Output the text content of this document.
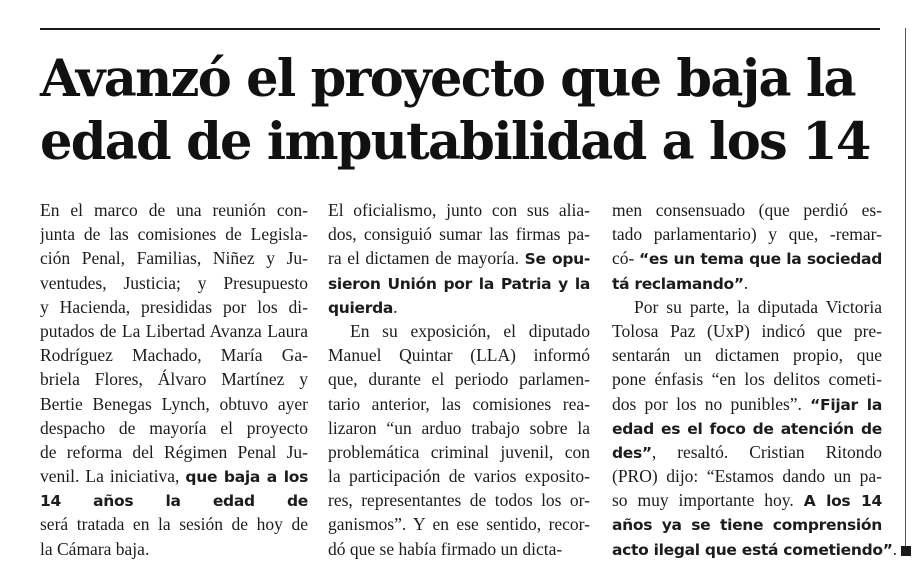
Avanzó el proyecto que baja la
edad de imputabilidad a los 14
En el marco de una reunión con-
junta de las comisiones de Legisla-
ción Penal, Familias, Niñez y Ju-
ventudes, Justicia; y Presupuesto
y Hacienda, presididas por los di-
putados de La Libertad Avanza Laura
Rodríguez Machado, María Ga-
briela Flores, Álvaro Martínez y
Bertie Benegas Lynch, obtuvo ayer
despacho de mayoría el proyecto
de reforma del Régimen Penal Ju-
venil. La iniciativa, que baja a los
14 años la edad de
será tratada en la sesión de hoy de
la Cámara baja.
El oficialismo, junto con sus alia-
dos, consiguió sumar las firmas pa-
ra el dictamen de mayoría. Se opu-
sieron Unión por la Patria y la
quierda.
En su exposición, el diputado
Manuel Quintar (LLA) informó
que, durante el periodo parlamen-
tario anterior, las comisiones rea-
lizaron “un arduo trabajo sobre la
problemática criminal juvenil, con
la participación de varios exposito-
res, representantes de todos los or-
ganismos”. Y en ese sentido, recor-
dó que se había firmado un dicta-
men consensuado (que perdió es-
tado parlamentario) y que, -remar-
có- “es un tema que la sociedad
tá reclamando”.
Por su parte, la diputada Victoria
Tolosa Paz (UxP) indicó que pre-
sentarán un dictamen propio, que
pone énfasis “en los delitos cometi-
dos por los no punibles”. “Fijar la
edad es el foco de atención de
des”, resaltó. Cristian Ritondo
(PRO) dijo: “Estamos dando un pa-
so muy importante hoy. A los 14
años ya se tiene comprensión
acto ilegal que está cometiendo”.
